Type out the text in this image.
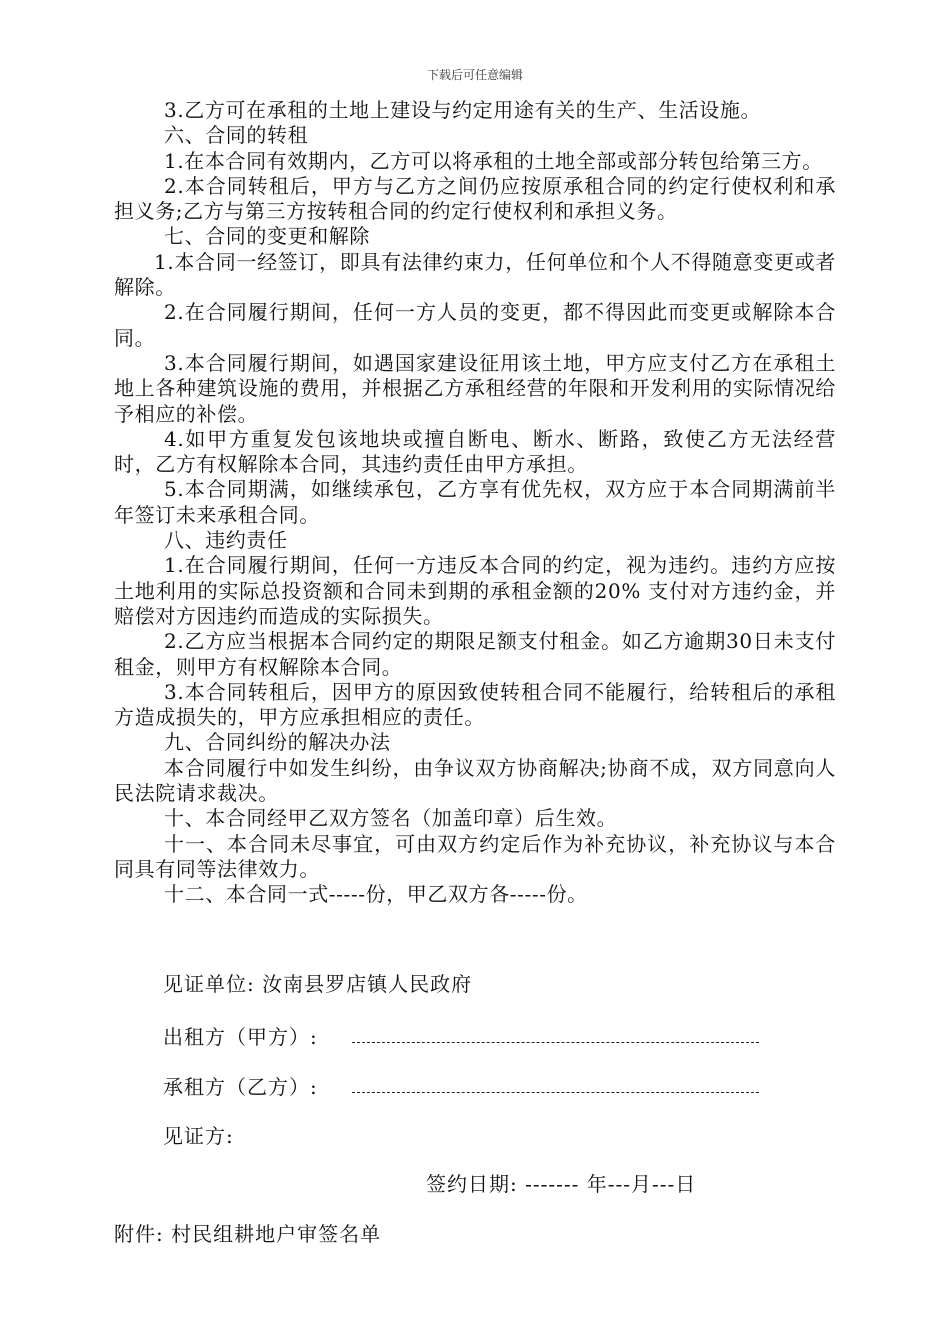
下载后可任意编辑

3.乙方可在承租的土地上建设与约定用途有关的生产、生活设施。

六、合同的转租

1.在本合同有效期内，乙方可以将承租的土地全部或部分转包给第三方。

2.本合同转租后，甲方与乙方之间仍应按原承租合同的约定行使权利和承担义务;乙方与第三方按转租合同的约定行使权利和承担义务。

七、合同的变更和解除

1.本合同一经签订，即具有法律约束力，任何单位和个人不得随意变更或者解除。

2.在合同履行期间，任何一方人员的变更，都不得因此而变更或解除本合同。

3.本合同履行期间，如遇国家建设征用该土地，甲方应支付乙方在承租土地上各种建筑设施的费用，并根据乙方承租经营的年限和开发利用的实际情况给予相应的补偿。

4.如甲方重复发包该地块或擅自断电、断水、断路，致使乙方无法经营时，乙方有权解除本合同，其违约责任由甲方承担。

5.本合同期满，如继续承包，乙方享有优先权，双方应于本合同期满前半年签订未来承租合同。

八、违约责任

1.在合同履行期间，任何一方违反本合同的约定，视为违约。违约方应按土地利用的实际总投资额和合同未到期的承租金额的20% 支付对方违约金，并赔偿对方因违约而造成的实际损失。

2.乙方应当根据本合同约定的期限足额支付租金。如乙方逾期30日未支付租金，则甲方有权解除本合同。

3.本合同转租后，因甲方的原因致使转租合同不能履行，给转租后的承租方造成损失的，甲方应承担相应的责任。

九、合同纠纷的解决办法

本合同履行中如发生纠纷，由争议双方协商解决;协商不成，双方同意向人民法院请求裁决。

十、本合同经甲乙双方签名（加盖印章）后生效。

十一、本合同未尽事宜，可由双方约定后作为补充协议，补充协议与本合同具有同等法律效力。

十二、本合同一式-----份，甲乙双方各-----份。

见证单位: 汝南县罗店镇人民政府
出租方（甲方）:
承租方（乙方）:
见证方:
签约日期: ------- 年---月---日
附件: 村民组耕地户审签名单
